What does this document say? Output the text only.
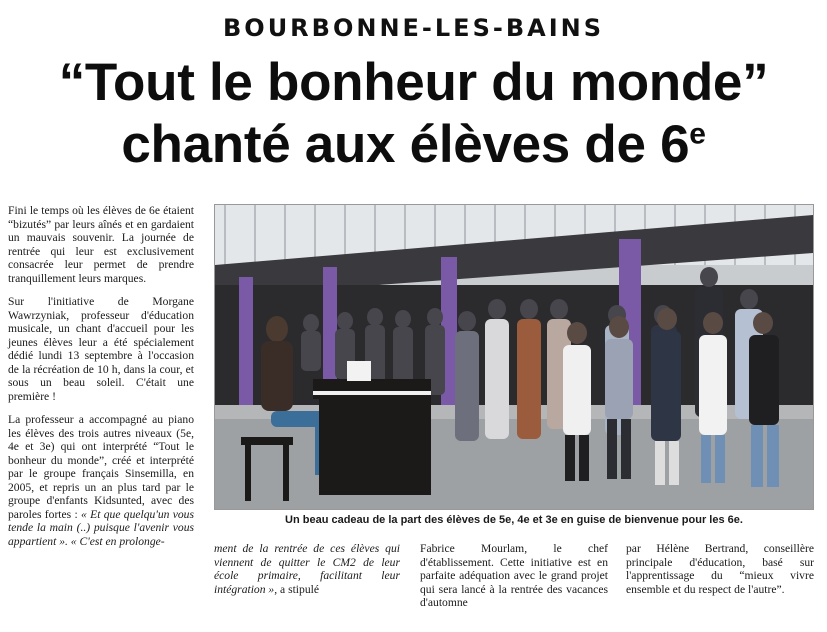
BOURBONNE-LES-BAINS
“Tout le bonheur du monde”
chanté aux élèves de 6e

Fini le temps où les élèves de 6e étaient “bizutés” par leurs aînés et en gardaient un mauvais souvenir. La journée de rentrée qui leur est exclusivement consacrée leur permet de prendre tranquillement leurs marques.

Sur l'initiative de Morgane Wawrzyniak, professeur d'éducation musicale, un chant d'accueil pour les jeunes élèves leur a été spécialement dédié lundi 13 septembre à l'occasion de la récréation de 10 h, dans la cour, et sous un beau soleil. C'était une première !

La professeur a accompagné au piano les élèves des trois autres niveaux (5e, 4e et 3e) qui ont interprété “Tout le bonheur du monde”, créé et interprété par le groupe français Sinsemilla, en 2005, et repris un an plus tard par le groupe d'enfants Kidsunted, avec des paroles fortes : « Et que quelqu'un vous tende la main (..) puisque l'avenir vous appartient ». « C'est en prolonge-

Un beau cadeau de la part des élèves de 5e, 4e et 3e en guise de bienvenue pour les 6e.
ment de la rentrée de ces élèves qui viennent de quitter le CM2 de leur école primaire, facilitant leur intégration », a stipulé
Fabrice Mourlam, le chef d'établissement. Cette initiative est en parfaite adéquation avec le grand projet qui sera lancé à la rentrée des vacances d'automne
par Hélène Bertrand, conseillère principale d'éducation, basé sur l'apprentissage du “mieux vivre ensemble et du respect de l'autre”.
